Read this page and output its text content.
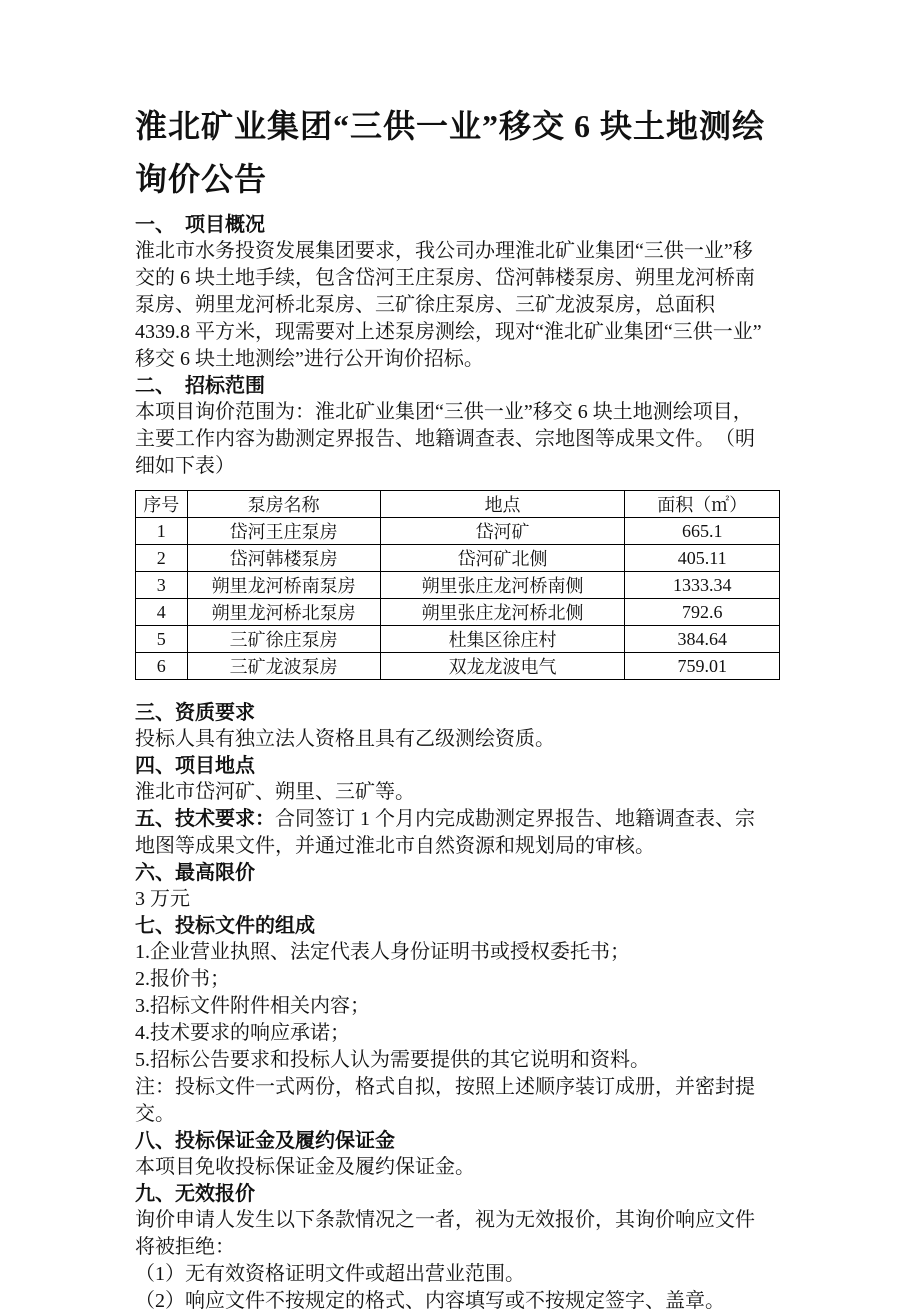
淮北矿业集团“三供一业”移交 6 块土地测绘询价公告
一、　项目概况

淮北市水务投资发展集团要求，我公司办理淮北矿业集团“三供一业”移交的 6 块土地手续，包含岱河王庄泵房、岱河韩楼泵房、朔里龙河桥南泵房、朔里龙河桥北泵房、三矿徐庄泵房、三矿龙波泵房，总面积 4339.8 平方米，现需要对上述泵房测绘，现对“淮北矿业集团“三供一业”移交 6 块土地测绘”进行公开询价招标。

二、　招标范围

本项目询价范围为：淮北矿业集团“三供一业”移交 6 块土地测绘项目，

主要工作内容为勘测定界报告、地籍调查表、宗地图等成果文件。　（明细如下表）

序号	泵房名称	地点	面积（㎡）
1	岱河王庄泵房	岱河矿	665.1
2	岱河韩楼泵房	岱河矿北侧	405.11
3	朔里龙河桥南泵房	朔里张庄龙河桥南侧	1333.34
4	朔里龙河桥北泵房	朔里张庄龙河桥北侧	792.6
5	三矿徐庄泵房	杜集区徐庄村	384.64
6	三矿龙波泵房	双龙龙波电气	759.01
三、资质要求

投标人具有独立法人资格且具有乙级测绘资质。

四、项目地点

淮北市岱河矿、朔里、三矿等。

五、技术要求：合同签订 1 个月内完成勘测定界报告、地籍调查表、宗地图等成果文件，并通过淮北市自然资源和规划局的审核。

六、最高限价

3 万元

七、投标文件的组成

1.企业营业执照、法定代表人身份证明书或授权委托书；

2.报价书；

3.招标文件附件相关内容；

4.技术要求的响应承诺；

5.招标公告要求和投标人认为需要提供的其它说明和资料。

注：投标文件一式两份，格式自拟，按照上述顺序装订成册，并密封提交。

八、投标保证金及履约保证金

本项目免收投标保证金及履约保证金。

九、无效报价

询价申请人发生以下条款情况之一者，视为无效报价，其询价响应文件将被拒绝：

（1）无有效资格证明文件或超出营业范围。

（2）响应文件不按规定的格式、内容填写或不按规定签字、盖章。
